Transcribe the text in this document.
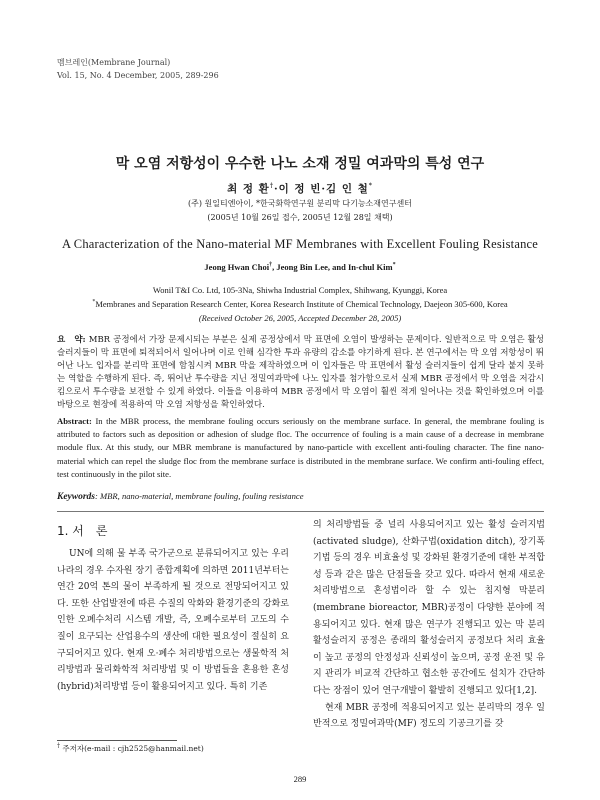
멤브레인(Membrane Journal)
Vol. 15, No. 4 December, 2005, 289-296
막 오염 저항성이 우수한 나노 소재 정밀 여과막의 특성 연구
최 정 환†·이 정 빈·김 인 철*
(주) 원일티엔아이, *한국화학연구원 분리막 다기능소재연구센터
(2005년 10월 26일 접수, 2005년 12월 28일 채택)
A Characterization of the Nano-material MF Membranes with Excellent Fouling Resistance
Jeong Hwan Choi†, Jeong Bin Lee, and In-chul Kim*
Wonil T&I Co. Ltd, 105-3Na, Shiwha Industrial Complex, Shihwang, Kyunggi, Korea
*Membranes and Separation Research Center, Korea Research Institute of Chemical Technology, Daejeon 305-600, Korea
(Received October 26, 2005, Accepted December 28, 2005)
요　약: MBR 공정에서 가장 문제시되는 부분은 실제 공정상에서 막 표면에 오염이 발생하는 문제이다. 일반적으로 막 오염은 활성 슬러지들이 막 표면에 퇴적되어서 일어나며 이로 인해 심각한 투과 유량의 감소를 야기하게 된다. 본 연구에서는 막 오염 저항성이 뛰어난 나노 입자를 분리막 표면에 함침시켜 MBR 막을 제작하였으며 이 입자들은 막 표면에서 활성 슬러지들이 쉽게 달라 붙지 못하는 역할을 수행하게 된다. 즉, 뛰어난 투수량을 지닌 정밀여과막에 나노 입자를 첨가함으로서 실제 MBR 공정에서 막 오염을 저감시킴으로서 투수량을 보전할 수 있게 하였다. 이들을 이용하여 MBR 공정에서 막 오염이 훨씬 적게 일어나는 것을 확인하였으며 이를 바탕으로 현장에 적용하여 막 오염 저항성을 확인하였다.
Abstract: In the MBR process, the membrane fouling occurs seriously on the membrane surface. In general, the membrane fouling is attributed to factors such as deposition or adhesion of sludge floc. The occurrence of fouling is a main cause of a decrease in membrane module flux. At this study, our MBR membrane is manufactured by nano-particle with excellent anti-fouling character. The fine nano-material which can repel the sludge floc from the membrane surface is distributed in the membrane surface. We confirm anti-fouling effect, test continuously in the pilot site.
Keywords: MBR, nano-material, membrane fouling, fouling resistance
1. 서　론

UN에 의해 물 부족 국가군으로 분류되어지고 있는 우리나라의 경우 수자원 장기 종합계획에 의하면 2011년부터는 연간 20억 톤의 물이 부족하게 될 것으로 전망되어지고 있다. 또한 산업발전에 따른 수질의 악화와 환경기준의 강화로 인한 오폐수처리 시스템 개발, 즉, 오폐수로부터 고도의 수질이 요구되는 산업용수의 생산에 대한 필요성이 절실히 요구되어지고 있다. 현재 오·폐수 처리방법으로는 생물학적 처리방법과 물리화학적 처리방법 및 이 방법들을 혼용한 혼성(hybrid)처리방법 등이 활용되어지고 있다. 특히 기존

의 처리방법들 중 널리 사용되어지고 있는 활성 슬러지법(activated sludge), 산화구법(oxidation ditch), 장기폭기법 등의 경우 비효율성 및 강화된 환경기준에 대한 부적합성 등과 같은 많은 단점들을 갖고 있다. 따라서 현재 새로운 처리방법으로 혼성법이라 할 수 있는 침지형 막분리(membrane bioreactor, MBR)공정이 다양한 분야에 적용되어지고 있다. 현재 많은 연구가 진행되고 있는 막 분리 활성슬러지 공정은 종래의 활성슬러지 공정보다 처리 효율이 높고 공정의 안정성과 신뢰성이 높으며, 공정 운전 및 유지 관리가 비교적 간단하고 협소한 공간에도 설치가 간단하다는 장점이 있어 연구개발이 활발히 진행되고 있다[1,2].

현재 MBR 공정에 적용되어지고 있는 분리막의 경우 일반적으로 정밀여과막(MF) 정도의 기공크기를 갖

† 주저자(e-mail : cjh2525@hanmail.net)
289
